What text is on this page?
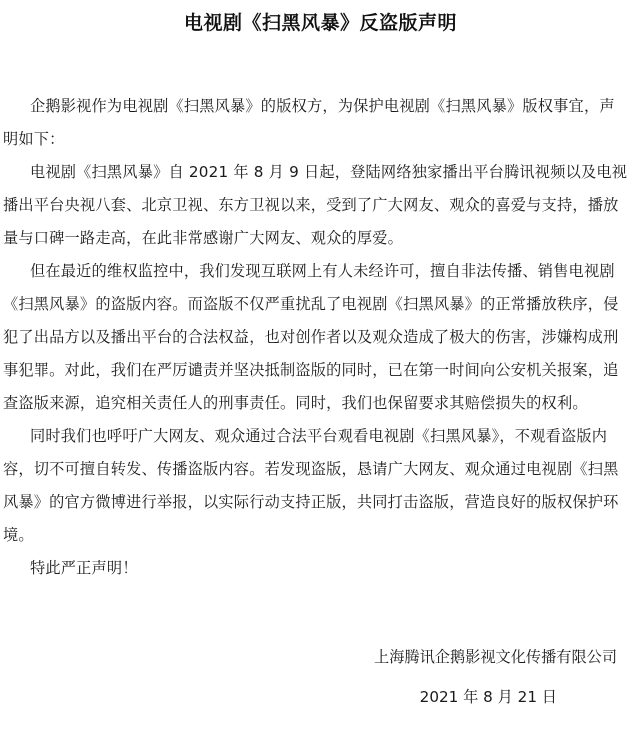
电视剧《扫黑风暴》反盗版声明
企鹅影视作为电视剧《扫黑风暴》的版权方，为保护电视剧《扫黑风暴》版权事宜，声
明如下：
电视剧《扫黑风暴》自 2021 年 8 月 9 日起，登陆网络独家播出平台腾讯视频以及电视
播出平台央视八套、北京卫视、东方卫视以来，受到了广大网友、观众的喜爱与支持，播放
量与口碑一路走高，在此非常感谢广大网友、观众的厚爱。
但在最近的维权监控中，我们发现互联网上有人未经许可，擅自非法传播、销售电视剧
《扫黑风暴》的盗版内容。而盗版不仅严重扰乱了电视剧《扫黑风暴》的正常播放秩序，侵
犯了出品方以及播出平台的合法权益，也对创作者以及观众造成了极大的伤害，涉嫌构成刑
事犯罪。对此，我们在严厉谴责并坚决抵制盗版的同时，已在第一时间向公安机关报案，追
查盗版来源，追究相关责任人的刑事责任。同时，我们也保留要求其赔偿损失的权利。
同时我们也呼吁广大网友、观众通过合法平台观看电视剧《扫黑风暴》，不观看盗版内
容，切不可擅自转发、传播盗版内容。若发现盗版，恳请广大网友、观众通过电视剧《扫黑
风暴》的官方微博进行举报，以实际行动支持正版，共同打击盗版，营造良好的版权保护环
境。
特此严正声明！
上海腾讯企鹅影视文化传播有限公司
2021 年 8 月 21 日
